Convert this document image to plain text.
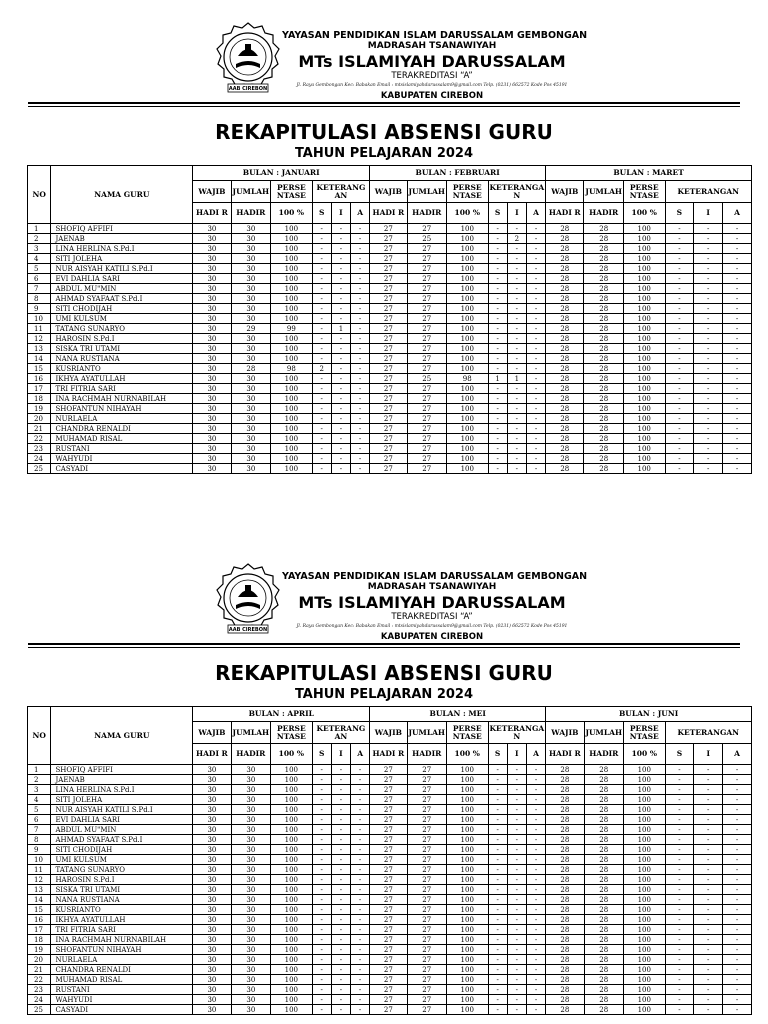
AAB CIREBON
YAYASAN PENDIDIKAN ISLAM DARUSSALAM GEMBONGAN
MADRASAH TSANAWIYAH
MTs ISLAMIYAH DARUSSALAM
TERAKREDITASI “A”
Jl. Raya Gembongan Kec: Babakan Email : mtsislamiyahdarussalam9@gmail.com Telp. (0231) 662572 Kode Pos 45191
KABUPATEN CIREBON
REKAPITULASI ABSENSI GURU
TAHUN PELAJARAN 2024
NO	NAMA GURU	BULAN : JANUARI						BULAN : FEBRUARI						BULAN : MARET					
		WAJIB	JUMLAH	PERSE NTASE	KETERANG AN			WAJIB	JUMLAH	PERSE NTASE	KETERANGA N			WAJIB	JUMLAH	PERSE NTASE	KETERANGAN		
		HADI R	HADIR	100 %	S	I	A	HADI R	HADIR	100 %	S	I	A	HADI R	HADIR	100 %	S	I	A
1	SHOFIQ AFFIFI	30	30	100	-	-	-	27	27	100	-	-	-	28	28	100	-	-	-
2	JAENAB	30	30	100	-	-	-	27	25	100	-	2	-	28	28	100	-	-	-
3	LINA HERLINA S.Pd.I	30	30	100	-	-	-	27	27	100	-	-	-	28	28	100	-	-	-
4	SITI JOLEHA	30	30	100	-	-	-	27	27	100	-	-	-	28	28	100	-	-	-
5	NUR AISYAH KATILI S.Pd.I	30	30	100	-	-	-	27	27	100	-	-	-	28	28	100	-	-	-
6	EVI DAHLIA SARI	30	30	100	-	-	-	27	27	100	-	-	-	28	28	100	-	-	-
7	ABDUL MU"MIN	30	30	100	-	-	-	27	27	100	-	-	-	28	28	100	-	-	-
8	AHMAD SYAFAAT S.Pd.I	30	30	100	-	-	-	27	27	100	-	-	-	28	28	100	-	-	-
9	SITI CHODIJAH	30	30	100	-	-	-	27	27	100	-	-	-	28	28	100	-	-	-
10	UMI KULSUM	30	30	100	-	-	-	27	27	100	-	-	-	28	28	100	-	-	-
11	TATANG SUNARYO	30	29	99	-	1	-	27	27	100	-	-	-	28	28	100	-	-	-
12	HAROSIN S.Pd.I	30	30	100	-	-	-	27	27	100	-	-	-	28	28	100	-	-	-
13	SISKA TRI UTAMI	30	30	100	-	-	-	27	27	100	-	-	-	28	28	100	-	-	-
14	NANA RUSTIANA	30	30	100	-	-	-	27	27	100	-	-	-	28	28	100	-	-	-
15	KUSRIANTO	30	28	98	2	-	-	27	27	100	-	-	-	28	28	100	-	-	-
16	IKHYA AYATULLAH	30	30	100	-	-	-	27	25	98	1	1	-	28	28	100	-	-	-
17	TRI FITRIA SARI	30	30	100	-	-	-	27	27	100	-	-	-	28	28	100	-	-	-
18	INA RACHMAH NURNABILAH	30	30	100	-	-	-	27	27	100	-	-	-	28	28	100	-	-	-
19	SHOFANTUN NIHAYAH	30	30	100	-	-	-	27	27	100	-	-	-	28	28	100	-	-	-
20	NURLAELA	30	30	100	-	-	-	27	27	100	-	-	-	28	28	100	-	-	-
21	CHANDRA RENALDI	30	30	100	-	-	-	27	27	100	-	-	-	28	28	100	-	-	-
22	MUHAMAD RISAL	30	30	100	-	-	-	27	27	100	-	-	-	28	28	100	-	-	-
23	RUSTANI	30	30	100	-	-	-	27	27	100	-	-	-	28	28	100	-	-	-
24	WAHYUDI	30	30	100	-	-	-	27	27	100	-	-	-	28	28	100	-	-	-
25	CASYADI	30	30	100	-	-	-	27	27	100	-	-	-	28	28	100	-	-	-
AAB CIREBON
YAYASAN PENDIDIKAN ISLAM DARUSSALAM GEMBONGAN
MADRASAH TSANAWIYAH
MTs ISLAMIYAH DARUSSALAM
TERAKREDITASI “A”
Jl. Raya Gembongan Kec: Babakan Email : mtsislamiyahdarussalam9@gmail.com Telp. (0231) 662572 Kode Pos 45191
KABUPATEN CIREBON
REKAPITULASI ABSENSI GURU
TAHUN PELAJARAN 2024
NO	NAMA GURU	BULAN : APRIL						BULAN : MEI						BULAN : JUNI					
		WAJIB	JUMLAH	PERSE NTASE	KETERANG AN			WAJIB	JUMLAH	PERSE NTASE	KETERANGA N			WAJIB	JUMLAH	PERSE NTASE	KETERANGAN		
		HADI R	HADIR	100 %	S	I	A	HADI R	HADIR	100 %	S	I	A	HADI R	HADIR	100 %	S	I	A
1	SHOFIQ AFFIFI	30	30	100	-	-	-	27	27	100	-	-	-	28	28	100	-	-	-
2	JAENAB	30	30	100	-	-	-	27	27	100	-	-	-	28	28	100	-	-	-
3	LINA HERLINA S.Pd.I	30	30	100	-	-	-	27	27	100	-	-	-	28	28	100	-	-	-
4	SITI JOLEHA	30	30	100	-	-	-	27	27	100	-	-	-	28	28	100	-	-	-
5	NUR AISYAH KATILI S.Pd.I	30	30	100	-	-	-	27	27	100	-	-	-	28	28	100	-	-	-
6	EVI DAHLIA SARI	30	30	100	-	-	-	27	27	100	-	-	-	28	28	100	-	-	-
7	ABDUL MU"MIN	30	30	100	-	-	-	27	27	100	-	-	-	28	28	100	-	-	-
8	AHMAD SYAFAAT S.Pd.I	30	30	100	-	-	-	27	27	100	-	-	-	28	28	100	-	-	-
9	SITI CHODIJAH	30	30	100	-	-	-	27	27	100	-	-	-	28	28	100	-	-	-
10	UMI KULSUM	30	30	100	-	-	-	27	27	100	-	-	-	28	28	100	-	-	-
11	TATANG SUNARYO	30	30	100	-	-	-	27	27	100	-	-	-	28	28	100	-	-	-
12	HAROSIN S.Pd.I	30	30	100	-	-	-	27	27	100	-	-	-	28	28	100	-	-	-
13	SISKA TRI UTAMI	30	30	100	-	-	-	27	27	100	-	-	-	28	28	100	-	-	-
14	NANA RUSTIANA	30	30	100	-	-	-	27	27	100	-	-	-	28	28	100	-	-	-
15	KUSRIANTO	30	30	100	-	-	-	27	27	100	-	-	-	28	28	100	-	-	-
16	IKHYA AYATULLAH	30	30	100	-	-	-	27	27	100	-	-	-	28	28	100	-	-	-
17	TRI FITRIA SARI	30	30	100	-	-	-	27	27	100	-	-	-	28	28	100	-	-	-
18	INA RACHMAH NURNABILAH	30	30	100	-	-	-	27	27	100	-	-	-	28	28	100	-	-	-
19	SHOFANTUN NIHAYAH	30	30	100	-	-	-	27	27	100	-	-	-	28	28	100	-	-	-
20	NURLAELA	30	30	100	-	-	-	27	27	100	-	-	-	28	28	100	-	-	-
21	CHANDRA RENALDI	30	30	100	-	-	-	27	27	100	-	-	-	28	28	100	-	-	-
22	MUHAMAD RISAL	30	30	100	-	-	-	27	27	100	-	-	-	28	28	100	-	-	-
23	RUSTANI	30	30	100	-	-	-	27	27	100	-	-	-	28	28	100	-	-	-
24	WAHYUDI	30	30	100	-	-	-	27	27	100	-	-	-	28	28	100	-	-	-
25	CASYADI	30	30	100	-	-	-	27	27	100	-	-	-	28	28	100	-	-	-
